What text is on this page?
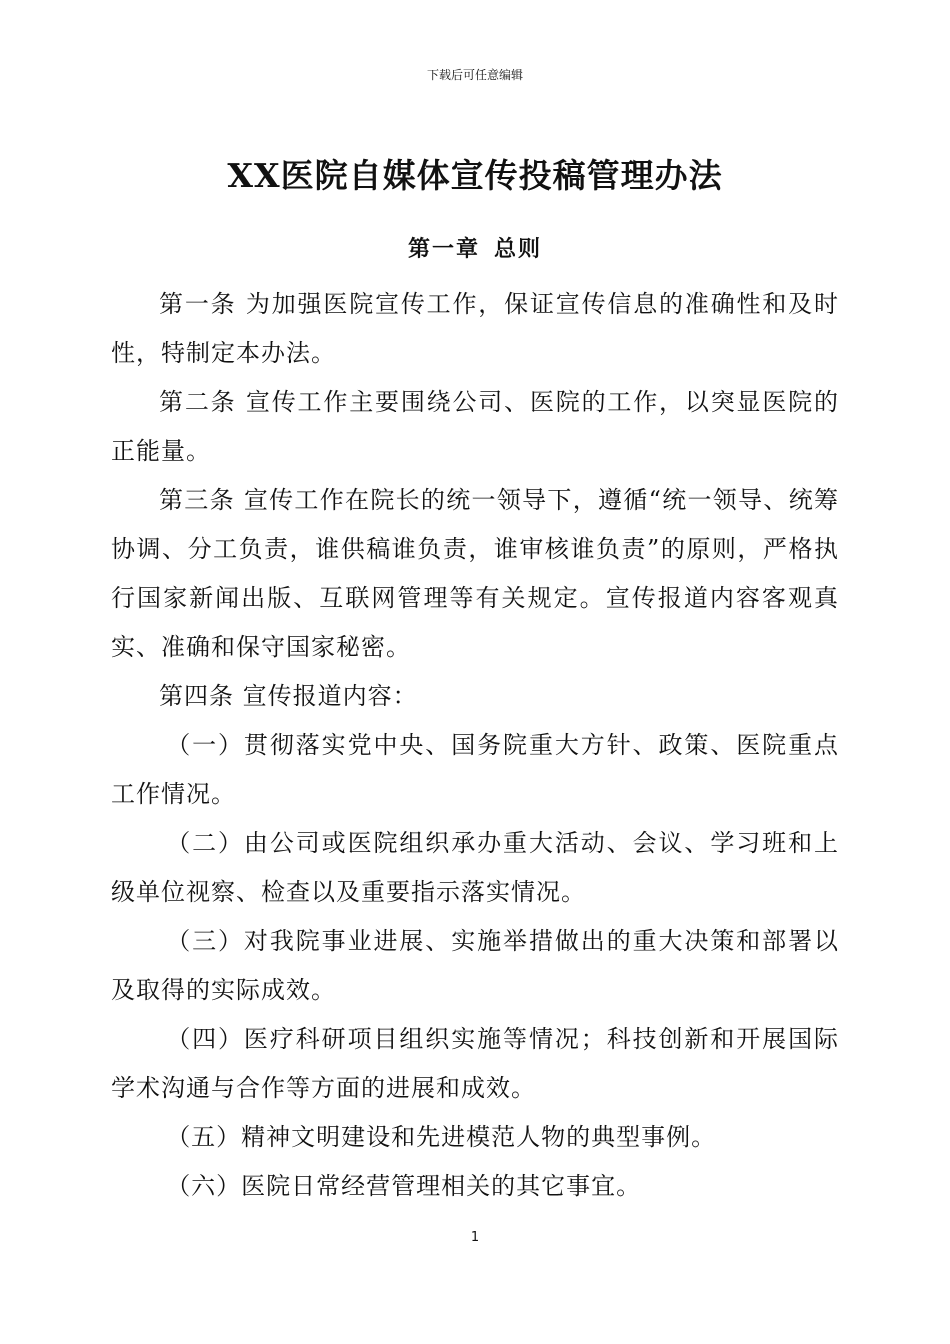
下载后可任意编辑
XX医院自媒体宣传投稿管理办法
第一章 总则

第一条 为加强医院宣传工作，保证宣传信息的准确性和及时性，特制定本办法。

第二条 宣传工作主要围绕公司、医院的工作，以突显医院的正能量。

第三条 宣传工作在院长的统一领导下，遵循“统一领导、统筹协调、分工负责，谁供稿谁负责，谁审核谁负责”的原则，严格执行国家新闻出版、互联网管理等有关规定。宣传报道内容客观真实、准确和保守国家秘密。

第四条 宣传报道内容：

（一）贯彻落实党中央、国务院重大方针、政策、医院重点工作情况。

（二）由公司或医院组织承办重大活动、会议、学习班和上级单位视察、检查以及重要指示落实情况。

（三）对我院事业进展、实施举措做出的重大决策和部署以及取得的实际成效。

（四）医疗科研项目组织实施等情况；科技创新和开展国际学术沟通与合作等方面的进展和成效。

（五）精神文明建设和先进模范人物的典型事例。

（六）医院日常经营管理相关的其它事宜。

1
